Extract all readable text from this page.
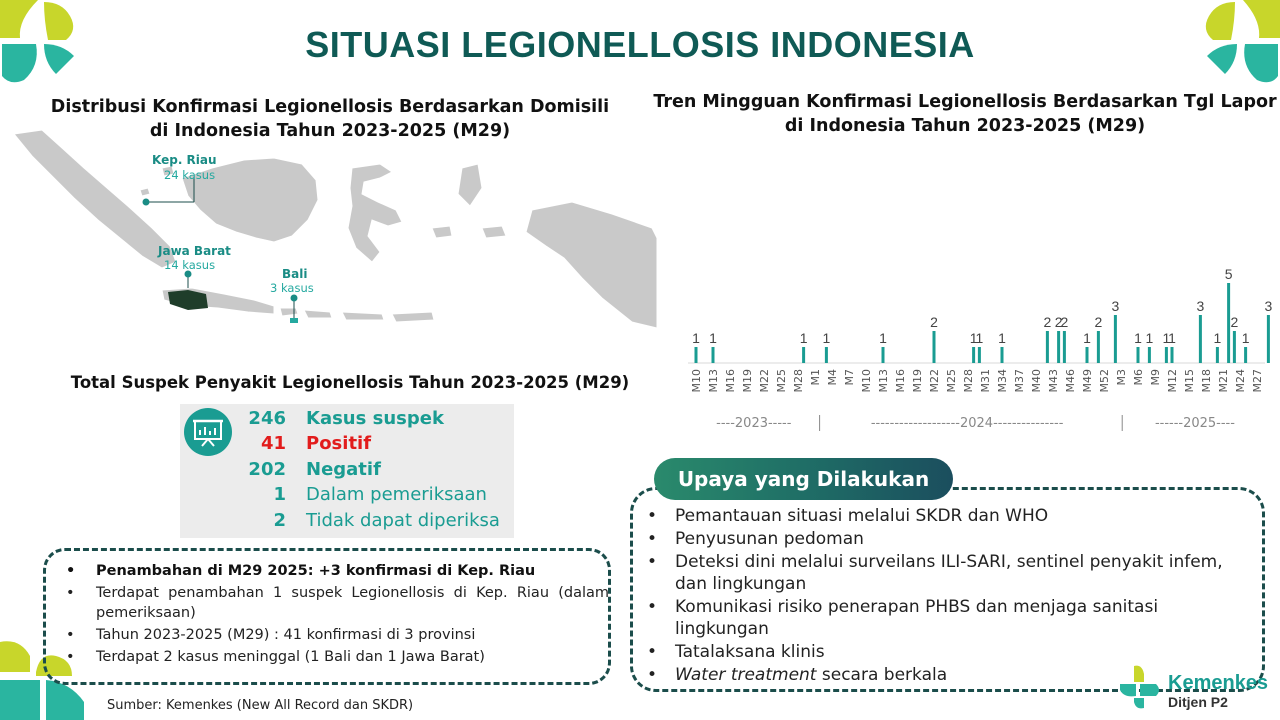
SITUASI LEGIONELLOSIS INDONESIA
Distribusi Konfirmasi Legionellosis Berdasarkan Domisili
di Indonesia Tahun 2023-2025 (M29)
Kep. Riau
24 kasus
Jawa Barat
14 kasus
Bali
3 kasus
Tren Mingguan Konfirmasi Legionellosis Berdasarkan Tgl Lapor
di Indonesia Tahun 2023-2025 (M29)
1 1	1 1	1
2
1
1 1
2 2
2
1
2
3
1 1 1
1
3
1
5
2
1
3
M10 M13 M16 M19 M22 M25 M28 M1 M4 M7 M10 M13 M16 M19 M22 M25 M28 M31 M34 M37 M40 M43 M46 M49 M52 M3 M6 M9 M12 M15 M18 M21 M24 M27
----2023-----	-------------------2024---------------	------2025----
Total Suspek Penyakit Legionellosis Tahun 2023-2025 (M29)
246 Kasus suspek
41 Positif
202 Negatif
1 Dalam pemeriksaan
2 Tidak dapat diperiksa
• Penambahan di M29 2025: +3 konfirmasi di Kep. Riau
• Terdapat penambahan 1 suspek Legionellosis di Kep. Riau (dalam pemeriksaan)
• Tahun 2023-2025 (M29) : 41 konfirmasi di 3 provinsi
• Terdapat 2 kasus meninggal (1 Bali dan 1 Jawa Barat)
Sumber: Kemenkes (New All Record dan SKDR)
Upaya yang Dilakukan
• Pemantauan situasi melalui SKDR dan WHO
• Penyusunan pedoman
• Deteksi dini melalui surveilans ILI-SARI, sentinel penyakit infem, dan lingkungan
• Komunikasi risiko penerapan PHBS dan menjaga sanitasi lingkungan
• Tatalaksana klinis
• Water treatment secara berkala	Kemenkes
Ditjen P2
